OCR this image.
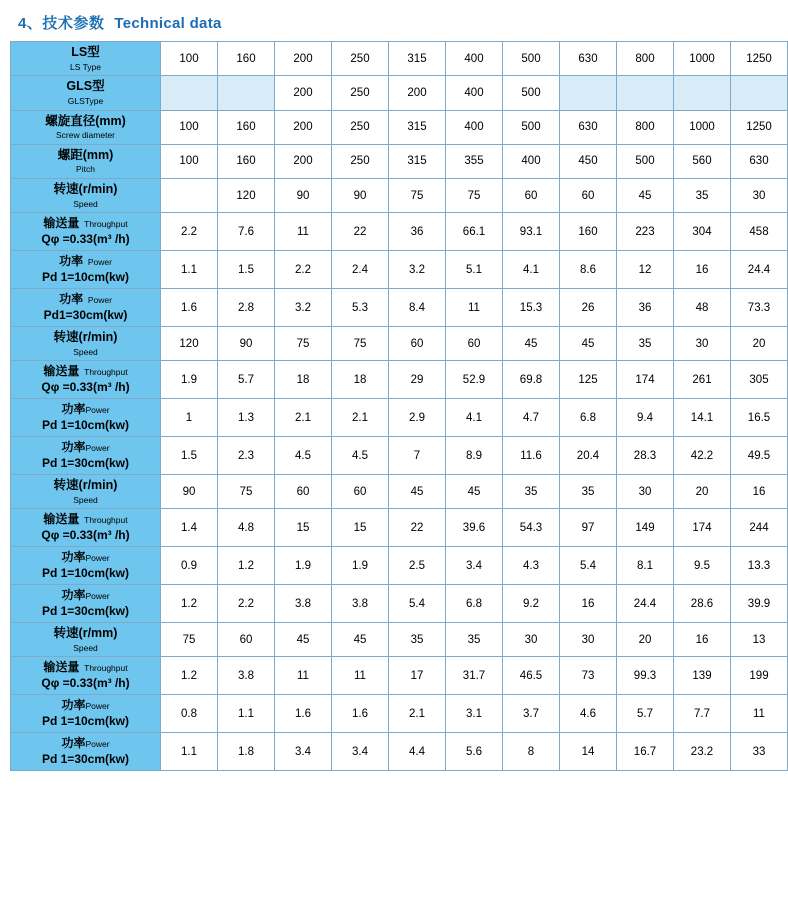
4、技术参数 Technical data
LS型
LS Type	100	160	200	250	315	400	500	630	800	1000	1250

GLS型
GLSType			200	250	200	400	500				

螺旋直径(mm)
Screw diameter	100	160	200	250	315	400	500	630	800	1000	1250

螺距(mm)
Pitch	100	160	200	250	315	355	400	450	500	560	630

转速(r/min)
Speed		120	90	90	75	75	60	60	45	35	30

输送量  Throughput
Qφ =0.33(m³ /h)	2.2	7.6	11	22	36	66.1	93.1	160	223	304	458

功率  Power
Pd 1=10cm(kw)	1.1	1.5	2.2	2.4	3.2	5.1	4.1	8.6	12	16	24.4

功率  Power
Pd1=30cm(kw)	1.6	2.8	3.2	5.3	8.4	11	15.3	26	36	48	73.3

转速(r/min)
Speed	120	90	75	75	60	60	45	45	35	30	20

输送量  Throughput
Qφ =0.33(m³ /h)	1.9	5.7	18	18	29	52.9	69.8	125	174	261	305

功率Power
Pd 1=10cm(kw)	1	1.3	2.1	2.1	2.9	4.1	4.7	6.8	9.4	14.1	16.5

功率Power
Pd 1=30cm(kw)	1.5	2.3	4.5	4.5	7	8.9	11.6	20.4	28.3	42.2	49.5

转速(r/min)
Speed	90	75	60	60	45	45	35	35	30	20	16

输送量  Throughput
Qφ =0.33(m³ /h)	1.4	4.8	15	15	22	39.6	54.3	97	149	174	244

功率Power
Pd 1=10cm(kw)	0.9	1.2	1.9	1.9	2.5	3.4	4.3	5.4	8.1	9.5	13.3

功率Power
Pd 1=30cm(kw)	1.2	2.2	3.8	3.8	5.4	6.8	9.2	16	24.4	28.6	39.9

转速(r/mm)
Speed	75	60	45	45	35	35	30	30	20	16	13

输送量  Throughput
Qφ =0.33(m³ /h)	1.2	3.8	11	11	17	31.7	46.5	73	99.3	139	199

功率Power
Pd 1=10cm(kw)	0.8	1.1	1.6	1.6	2.1	3.1	3.7	4.6	5.7	7.7	11

功率Power
Pd 1=30cm(kw)	1.1	1.8	3.4	3.4	4.4	5.6	8	14	16.7	23.2	33
